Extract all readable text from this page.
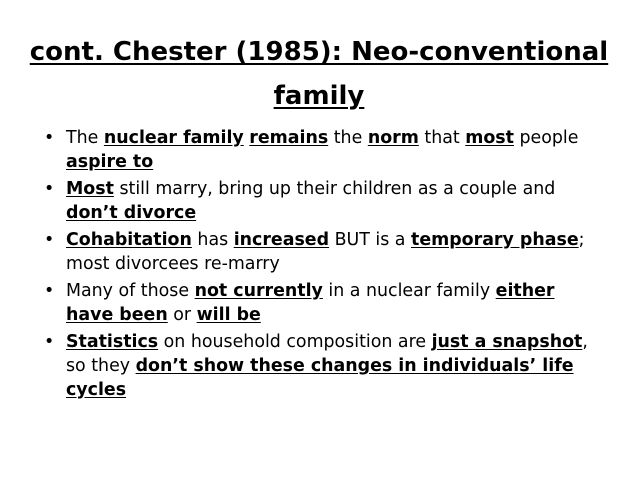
cont. Chester (1985): Neo-conventional
family
• The nuclear family remains the norm that most people aspire to
• Most still marry, bring up their children as a couple and don’t divorce
• Cohabitation has increased BUT is a temporary phase; most divorcees re-marry
• Many of those not currently in a nuclear family either have been or will be
• Statistics on household composition are just a snapshot, so they don’t show these changes in individuals’ life cycles
